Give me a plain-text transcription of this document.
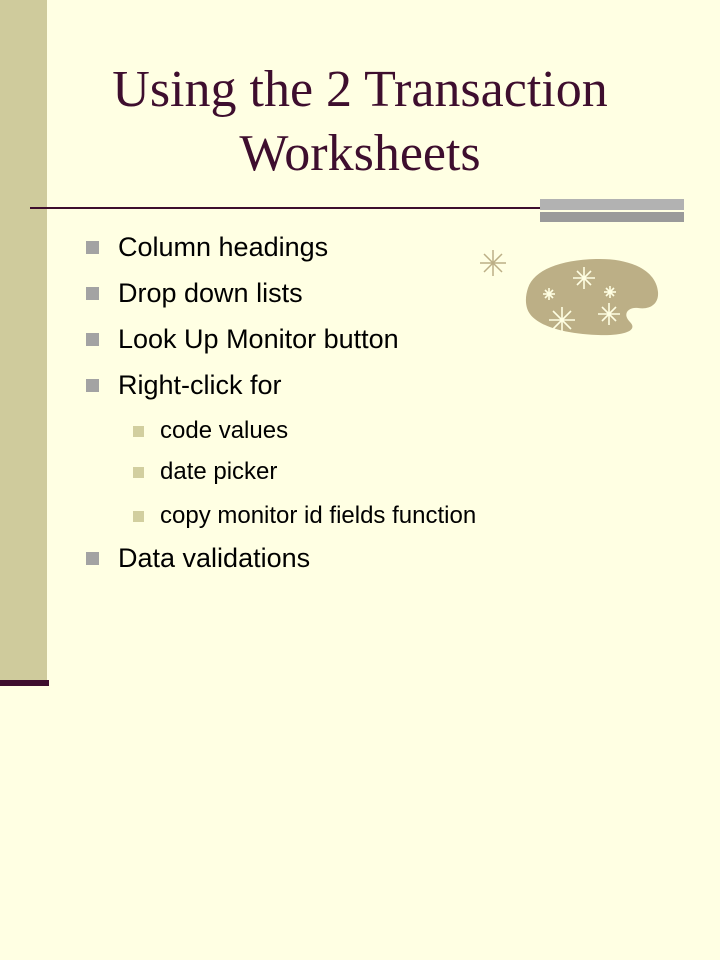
Using the 2 Transaction Worksheets
Column headings
Drop down lists
Look Up Monitor button
Right-click for
code values
date picker
copy monitor id fields function
Data validations
